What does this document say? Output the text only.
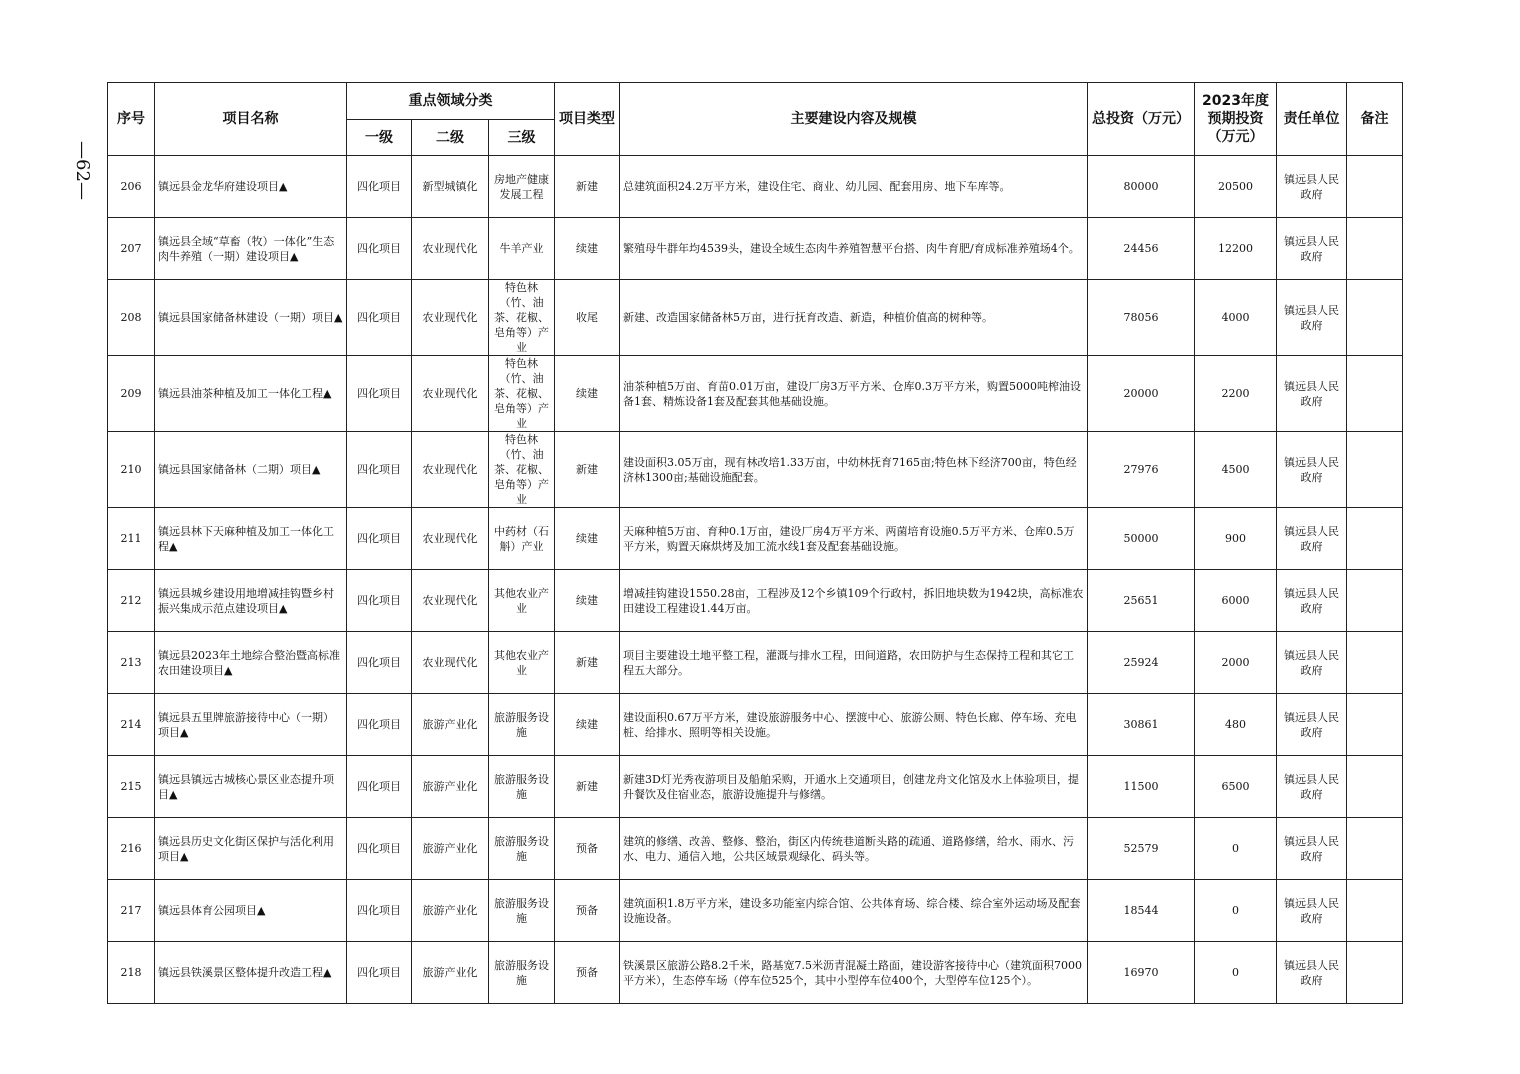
—62—
序号	项目名称	重点领域分类			项目类型	主要建设内容及规模	总投资（万元）	2023年度预期投资（万元）	责任单位	备注
		一级	二级	三级						
206	镇远县金龙华府建设项目▲	四化项目	新型城镇化	房地产健康发展工程	新建	总建筑面积24.2万平方米，建设住宅、商业、幼儿园、配套用房、地下车库等。	80000	20500	镇远县人民政府	
207	镇远县全域“草畜（牧）一体化”生态肉牛养殖（一期）建设项目▲	四化项目	农业现代化	牛羊产业	续建	繁殖母牛群年均4539头，建设全域生态肉牛养殖智慧平台搭、肉牛育肥/育成标准养殖场4个。	24456	12200	镇远县人民政府	
208	镇远县国家储备林建设（一期）项目▲	四化项目	农业现代化	特色林（竹、油茶、花椒、皂角等）产业	收尾	新建、改造国家储备林5万亩，进行抚育改造、新造，种植价值高的树种等。	78056	4000	镇远县人民政府	
209	镇远县油茶种植及加工一体化工程▲	四化项目	农业现代化	特色林（竹、油茶、花椒、皂角等）产业	续建	油茶种植5万亩、育苗0.01万亩，建设厂房3万平方米、仓库0.3万平方米，购置5000吨榨油设备1套、精炼设备1套及配套其他基础设施。	20000	2200	镇远县人民政府	
210	镇远县国家储备林（二期）项目▲	四化项目	农业现代化	特色林（竹、油茶、花椒、皂角等）产业	新建	建设面积3.05万亩，现有林改培1.33万亩，中幼林抚育7165亩;特色林下经济700亩，特色经济林1300亩;基础设施配套。	27976	4500	镇远县人民政府	
211	镇远县林下天麻种植及加工一体化工程▲	四化项目	农业现代化	中药材（石斛）产业	续建	天麻种植5万亩、育种0.1万亩，建设厂房4万平方米、两菌培育设施0.5万平方米、仓库0.5万平方米，购置天麻烘烤及加工流水线1套及配套基础设施。	50000	900	镇远县人民政府	
212	镇远县城乡建设用地增减挂钩暨乡村振兴集成示范点建设项目▲	四化项目	农业现代化	其他农业产业	续建	增减挂钩建设1550.28亩，工程涉及12个乡镇109个行政村，拆旧地块数为1942块，高标准农田建设工程建设1.44万亩。	25651	6000	镇远县人民政府	
213	镇远县2023年土地综合整治暨高标准农田建设项目▲	四化项目	农业现代化	其他农业产业	新建	项目主要建设土地平整工程，灌溉与排水工程，田间道路，农田防护与生态保持工程和其它工程五大部分。	25924	2000	镇远县人民政府	
214	镇远县五里牌旅游接待中心（一期）项目▲	四化项目	旅游产业化	旅游服务设施	续建	建设面积0.67万平方米，建设旅游服务中心、摆渡中心、旅游公厕、特色长廊、停车场、充电桩、给排水、照明等相关设施。	30861	480	镇远县人民政府	
215	镇远县镇远古城核心景区业态提升项目▲	四化项目	旅游产业化	旅游服务设施	新建	新建3D灯光秀夜游项目及船舶采购，开通水上交通项目，创建龙舟文化馆及水上体验项目，提升餐饮及住宿业态，旅游设施提升与修缮。	11500	6500	镇远县人民政府	
216	镇远县历史文化街区保护与活化利用项目▲	四化项目	旅游产业化	旅游服务设施	预备	建筑的修缮、改善、整修、整治，街区内传统巷道断头路的疏通、道路修缮，给水、雨水、污水、电力、通信入地，公共区域景观绿化、码头等。	52579	0	镇远县人民政府	
217	镇远县体育公园项目▲	四化项目	旅游产业化	旅游服务设施	预备	建筑面积1.8万平方米，建设多功能室内综合馆、公共体育场、综合楼、综合室外运动场及配套设施设备。	18544	0	镇远县人民政府	
218	镇远县铁溪景区整体提升改造工程▲	四化项目	旅游产业化	旅游服务设施	预备	铁溪景区旅游公路8.2千米，路基宽7.5米沥青混凝土路面，建设游客接待中心（建筑面积7000平方米），生态停车场（停车位525个，其中小型停车位400个，大型停车位125个）。	16970	0	镇远县人民政府	
